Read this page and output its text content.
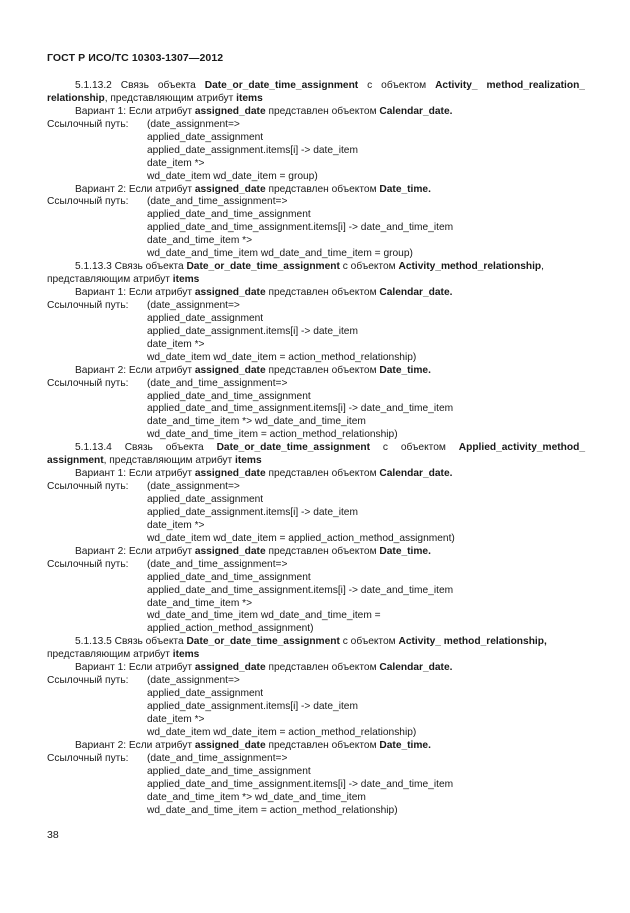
ГОСТ Р ИСО/ТС 10303-1307—2012
5.1.13.2 Связь объекта Date_or_date_time_assignment с объектом Activity_ method_realization_
relationship, представляющим атрибут items
Вариант 1: Если атрибут assigned_date представлен объектом Calendar_date.
Ссылочный путь: (date_assignment=>
applied_date_assignment
applied_date_assignment.items[i] -> date_item
date_item *>
wd_date_item wd_date_item = group)
Вариант 2: Если атрибут assigned_date представлен объектом Date_time.
Ссылочный путь: (date_and_time_assignment=>
applied_date_and_time_assignment
applied_date_and_time_assignment.items[i] -> date_and_time_item
date_and_time_item *>
wd_date_and_time_item wd_date_and_time_item = group)
5.1.13.3 Связь объекта Date_or_date_time_assignment с объектом Activity_method_relationship,
представляющим атрибут items
Вариант 1: Если атрибут assigned_date представлен объектом Calendar_date.
Ссылочный путь: (date_assignment=>
applied_date_assignment
applied_date_assignment.items[i] -> date_item
date_item *>
wd_date_item wd_date_item = action_method_relationship)
Вариант 2: Если атрибут assigned_date представлен объектом Date_time.
Ссылочный путь: (date_and_time_assignment=>
applied_date_and_time_assignment
applied_date_and_time_assignment.items[i] -> date_and_time_item
date_and_time_item *> wd_date_and_time_item
wd_date_and_time_item = action_method_relationship)
5.1.13.4 Связь объекта Date_or_date_time_assignment с объектом Applied_activity_method_
assignment, представляющим атрибут items
Вариант 1: Если атрибут assigned_date представлен объектом Calendar_date.
Ссылочный путь: (date_assignment=>
applied_date_assignment
applied_date_assignment.items[i] -> date_item
date_item *>
wd_date_item wd_date_item = applied_action_method_assignment)
Вариант 2: Если атрибут assigned_date представлен объектом Date_time.
Ссылочный путь: (date_and_time_assignment=>
applied_date_and_time_assignment
applied_date_and_time_assignment.items[i] -> date_and_time_item
date_and_time_item *>
wd_date_and_time_item wd_date_and_time_item =
applied_action_method_assignment)
5.1.13.5 Связь объекта Date_or_date_time_assignment с объектом Activity_ method_relationship,
представляющим атрибут items
Вариант 1: Если атрибут assigned_date представлен объектом Calendar_date.
Ссылочный путь: (date_assignment=>
applied_date_assignment
applied_date_assignment.items[i] -> date_item
date_item *>
wd_date_item wd_date_item = action_method_relationship)
Вариант 2: Если атрибут assigned_date представлен объектом Date_time.
Ссылочный путь: (date_and_time_assignment=>
applied_date_and_time_assignment
applied_date_and_time_assignment.items[i] -> date_and_time_item
date_and_time_item *> wd_date_and_time_item
wd_date_and_time_item = action_method_relationship)
38
